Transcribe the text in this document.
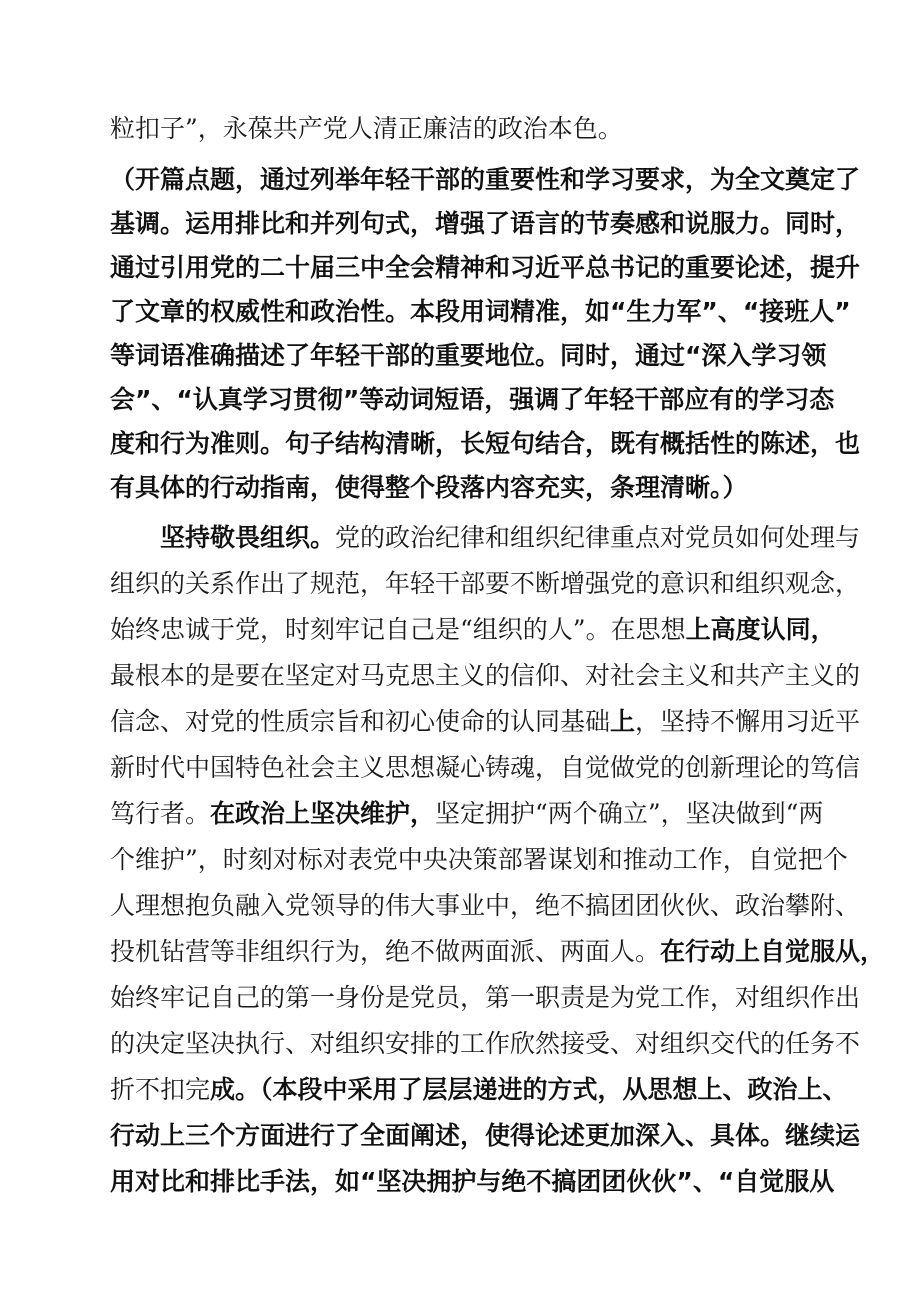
粒扣子”，永葆共产党人清正廉洁的政治本色。
（开篇点题，通过列举年轻干部的重要性和学习要求，为全文奠定了
基调。运用排比和并列句式，增强了语言的节奏感和说服力。同时，
通过引用党的二十届三中全会精神和习近平总书记的重要论述，提升
了文章的权威性和政治性。本段用词精准，如“生力军”、“接班人”
等词语准确描述了年轻干部的重要地位。同时，通过“深入学习领
会”、“认真学习贯彻”等动词短语，强调了年轻干部应有的学习态
度和行为准则。句子结构清晰，长短句结合，既有概括性的陈述，也
有具体的行动指南，使得整个段落内容充实，条理清晰。）
坚持敬畏组织。党的政治纪律和组织纪律重点对党员如何处理与
组织的关系作出了规范，年轻干部要不断增强党的意识和组织观念，
始终忠诚于党，时刻牢记自己是“组织的人”。在思想上高度认同，
最根本的是要在坚定对马克思主义的信仰、对社会主义和共产主义的
信念、对党的性质宗旨和初心使命的认同基础上，坚持不懈用习近平
新时代中国特色社会主义思想凝心铸魂，自觉做党的创新理论的笃信
笃行者。在政治上坚决维护，坚定拥护“两个确立”，坚决做到“两
个维护”，时刻对标对表党中央决策部署谋划和推动工作，自觉把个
人理想抱负融入党领导的伟大事业中，绝不搞团团伙伙、政治攀附、
投机钻营等非组织行为，绝不做两面派、两面人。在行动上自觉服从，
始终牢记自己的第一身份是党员，第一职责是为党工作，对组织作出
的决定坚决执行、对组织安排的工作欣然接受、对组织交代的任务不
折不扣完成。（本段中采用了层层递进的方式，从思想上、政治上、
行动上三个方面进行了全面阐述，使得论述更加深入、具体。继续运
用对比和排比手法，如“坚决拥护与绝不搞团团伙伙”、“自觉服从
